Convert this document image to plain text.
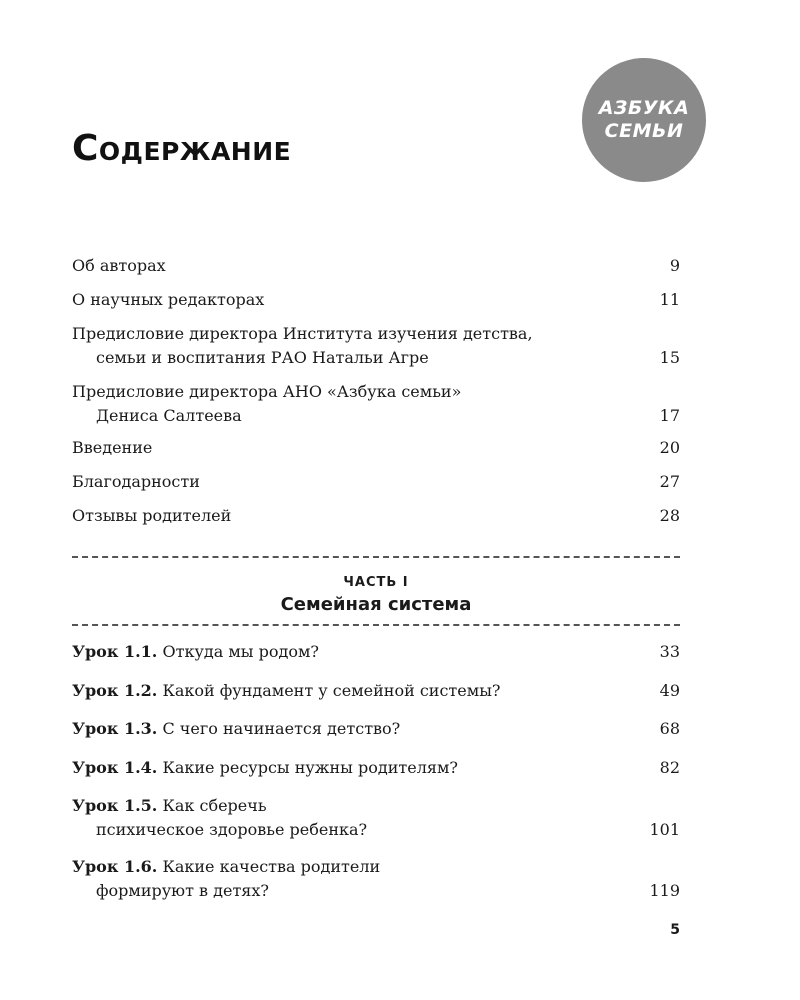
Содержание
АЗБУКА
СЕМЬИ
Об авторах	9
О научных редакторах	11
Предисловие директора Института изучения детства,
семьи и воспитания РАО Натальи Агре	15
Предисловие директора АНО «Азбука семьи»
Дениса Салтеева	17
Введение	20
Благодарности	27
Отзывы родителей	28
Урок 1.1. Откуда мы родом?	33
Урок 1.2. Какой фундамент у семейной системы?	49
Урок 1.3. С чего начинается детство?	68
Урок 1.4. Какие ресурсы нужны родителям?	82
Урок 1.5. Как сберечь
психическое здоровье ребенка?	101
Урок 1.6. Какие качества родители
формируют в детях?	119
ЧАСТЬ I
Семейная система
5
